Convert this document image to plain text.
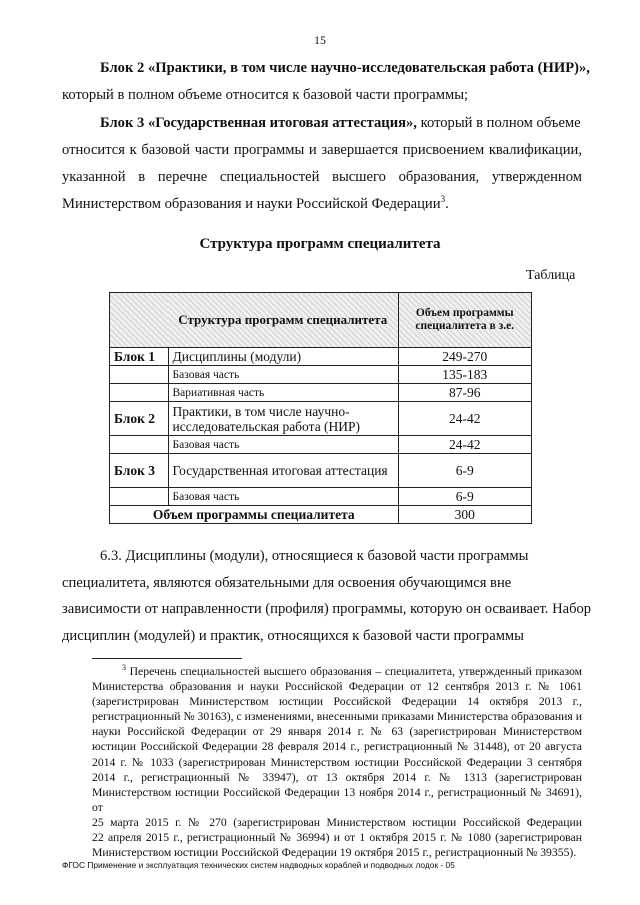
15
Блок 2 «Практики, в том числе научно-исследовательская работа (НИР)»,
который в полном объеме относится к базовой части программы;
Блок 3 «Государственная итоговая аттестация», который в полном объеме
относится к базовой части программы и завершается присвоением квалификации,
указанной в перечне специальностей высшего образования, утвержденном
Министерством образования и науки Российской Федерации$^3$.
Структура программ специалитета
Таблица
	Структура программ специалитета	Объем программы специалитета в з.е.
Блок 1	Дисциплины (модули)	249-270
	Базовая часть	135-183
	Вариативная часть	87-96
Блок 2	Практики, в том числе научно-исследовательская работа (НИР)	24-42
	Базовая часть	24-42
Блок 3	Государственная итоговая аттестация	6-9
	Базовая часть	6-9
Объем программы специалитета		300
6.3. Дисциплины (модули), относящиеся к базовой части программы
специалитета, являются обязательными для освоения обучающимся вне
зависимости от направленности (профиля) программы, которую он осваивает. Набор
дисциплин (модулей) и практик, относящихся к базовой части программы
$^3$ Перечень специальностей высшего образования – специалитета, утвержденный приказом
Министерства образования и науки Российской Федерации от 12 сентября 2013 г. № 1061
(зарегистрирован Министерством юстиции Российской Федерации 14 октября 2013 г.,
регистрационный № 30163), с изменениями, внесенными приказами Министерства образования и
науки Российской Федерации от 29 января 2014 г. № 63 (зарегистрирован Министерством
юстиции Российской Федерации 28 февраля 2014 г., регистрационный № 31448), от 20 августа
2014 г. № 1033 (зарегистрирован Министерством юстиции Российской Федерации 3 сентября
2014 г., регистрационный № 33947), от 13 октября 2014 г. № 1313 (зарегистрирован
Министерством юстиции Российской Федерации 13 ноября 2014 г., регистрационный № 34691), от
25 марта 2015 г. № 270 (зарегистрирован Министерством юстиции Российской Федерации
22 апреля 2015 г., регистрационный № 36994) и от 1 октября 2015 г. № 1080 (зарегистрирован
Министерством юстиции Российской Федерации 19 октября 2015 г., регистрационный № 39355).
ФГОС Применение и эксплуатация технических систем надводных кораблей и подводных лодок - 05
